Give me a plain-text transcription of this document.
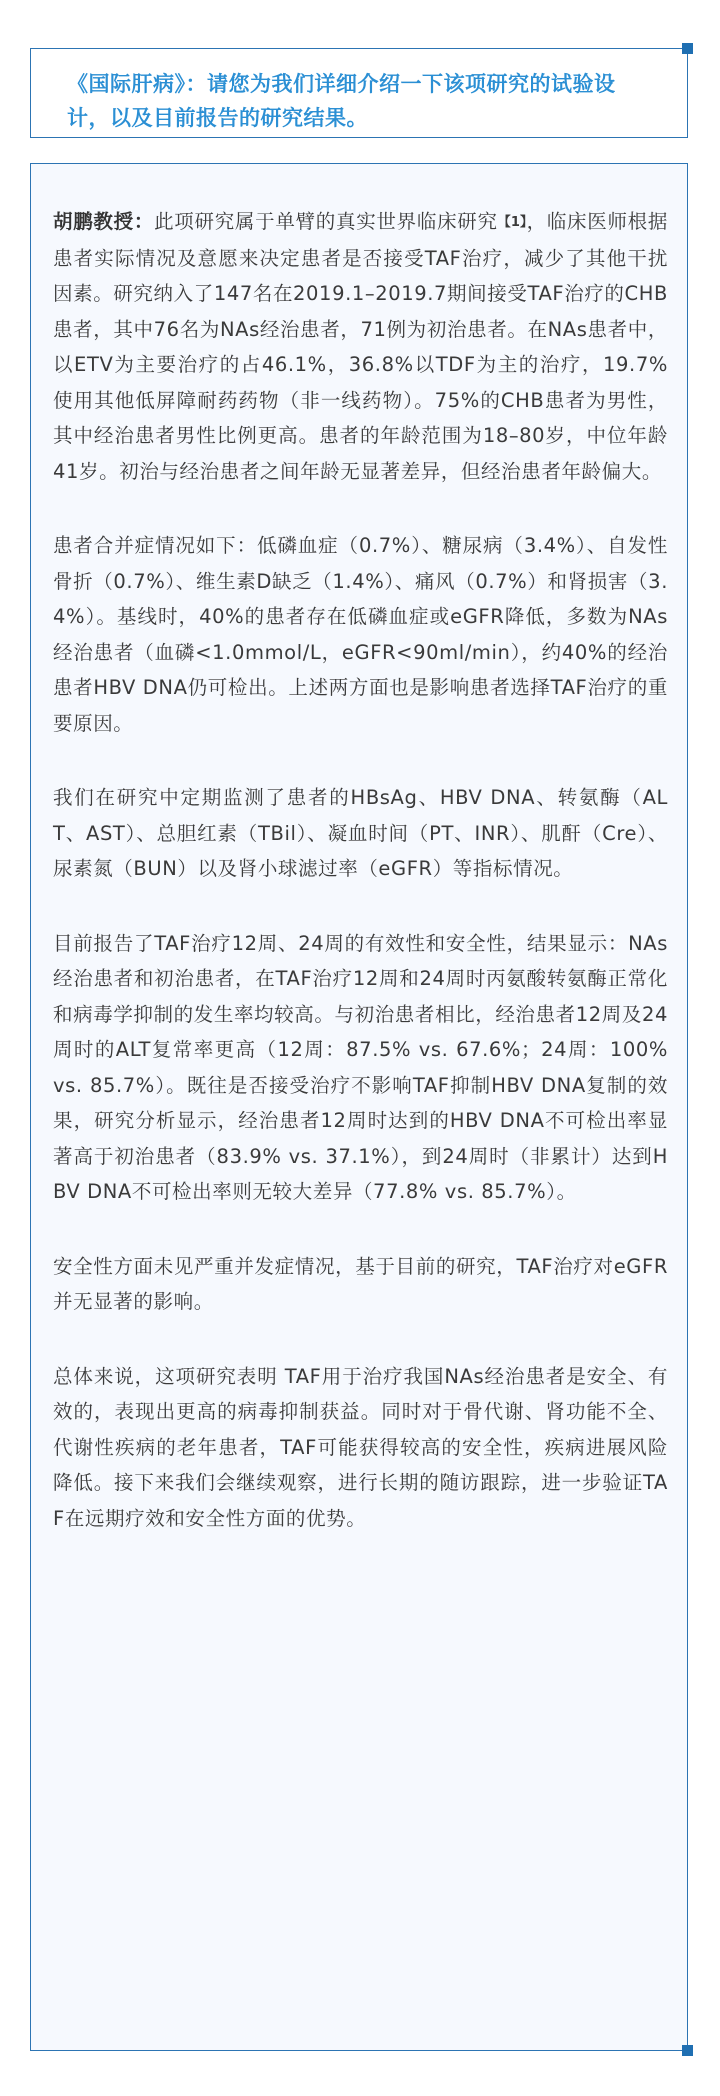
《国际肝病》：请您为我们详细介绍一下该项研究的试验设计，以及目前报告的研究结果。

胡鹏教授：此项研究属于单臂的真实世界临床研究【1】，临床医师根据患者实际情况及意愿来决定患者是否接受TAF治疗，减少了其他干扰因素。研究纳入了147名在2019.1–2019.7期间接受TAF治疗的CHB患者，其中76名为NAs经治患者，71例为初治患者。在NAs患者中，以ETV为主要治疗的占46.1%，36.8%以TDF为主的治疗，19.7%使用其他低屏障耐药药物（非一线药物）。75%的CHB患者为男性，其中经治患者男性比例更高。患者的年龄范围为18–80岁，中位年龄41岁。初治与经治患者之间年龄无显著差异，但经治患者年龄偏大。

患者合并症情况如下：低磷血症（0.7%）、糖尿病（3.4%）、自发性骨折（0.7%）、维生素D缺乏（1.4%）、痛风（0.7%）和肾损害（3.4%）。基线时，40%的患者存在低磷血症或eGFR降低，多数为NAs经治患者（血磷<1.0mmol/L，eGFR<90ml/min），约40%的经治患者HBV DNA仍可检出。上述两方面也是影响患者选择TAF治疗的重要原因。

我们在研究中定期监测了患者的HBsAg、HBV DNA、转氨酶（ALT、AST）、总胆红素（TBil）、凝血时间（PT、INR）、肌酐（Cre）、尿素氮（BUN）以及肾小球滤过率（eGFR）等指标情况。

目前报告了TAF治疗12周、24周的有效性和安全性，结果显示：NAs经治患者和初治患者，在TAF治疗12周和24周时丙氨酸转氨酶正常化和病毒学抑制的发生率均较高。与初治患者相比，经治患者12周及24周时的ALT复常率更高（12周：87.5% vs. 67.6%；24周：100% vs. 85.7%）。既往是否接受治疗不影响TAF抑制HBV DNA复制的效果，研究分析显示，经治患者12周时达到的HBV DNA不可检出率显著高于初治患者（83.9% vs. 37.1%），到24周时（非累计）达到HBV DNA不可检出率则无较大差异（77.8% vs. 85.7%）。

安全性方面未见严重并发症情况，基于目前的研究，TAF治疗对eGFR并无显著的影响。

总体来说，这项研究表明 TAF用于治疗我国NAs经治患者是安全、有效的，表现出更高的病毒抑制获益。同时对于骨代谢、肾功能不全、代谢性疾病的老年患者，TAF可能获得较高的安全性，疾病进展风险降低。接下来我们会继续观察，进行长期的随访跟踪，进一步验证TAF在远期疗效和安全性方面的优势。
